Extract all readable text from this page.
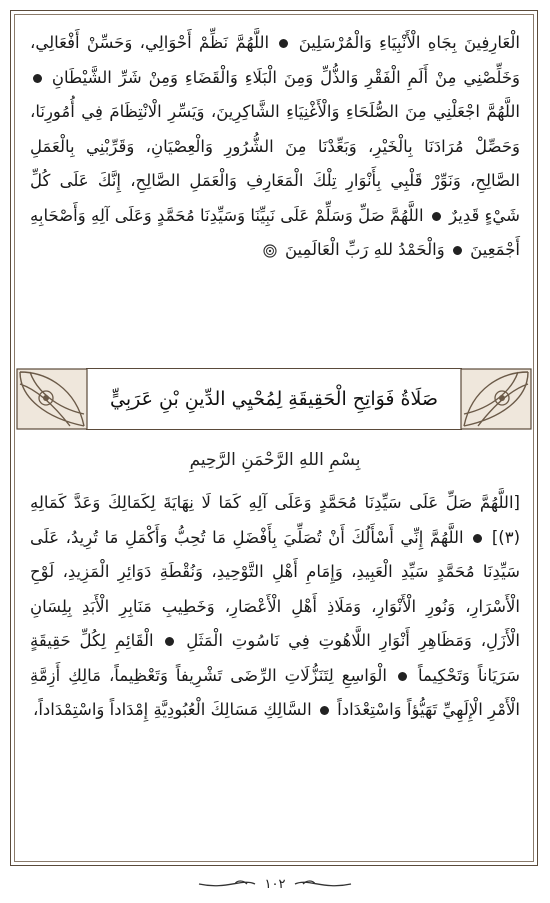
الْعَارِفِينَ بِجَاهِ الْأَنْبِيَاءِ وَالْمُرْسَلِينَ  اللَّهُمَّ نَظِّمْ أَحْوَالِي، وَحَسِّنْ أَفْعَالِي، وَخَلِّصْنِي مِنْ أَلَمِ الْفَقْرِ وَالذُّلِّ وَمِنَ الْبَلَاءِ وَالْقَضَاءِ وَمِنْ شَرِّ الشَّيْطَانِ  اللَّهُمَّ اجْعَلْنِي مِنَ الصُّلَحَاءِ وَالْأَغْنِيَاءِ الشَّاكِرِينَ، وَيَسِّرِ الْانْتِظَامَ فِي أُمُورِنَا، وَحَصِّلْ مُرَادَنَا بِالْخَيْرِ، وَبَعِّدْنَا مِنَ الشُّرُورِ وَالْعِصْيَانِ، وَقَرِّبْنِي بِالْعَمَلِ الصَّالِحِ، وَنَوِّرْ قَلْبِي بِأَنْوَارِ تِلْكَ الْمَعَارِفِ وَالْعَمَلِ الصَّالِحِ، إِنَّكَ عَلَى كُلِّ شَيْءٍ قَدِيرٌ  اللَّهُمَّ صَلِّ وَسَلِّمْ عَلَى نَبِيِّنَا وَسَيِّدِنَا مُحَمَّدٍ وَعَلَى آلِهِ وَأَصْحَابِهِ أَجْمَعِينَ  وَالْحَمْدُ للهِ رَبِّ الْعَالَمِينَ

صَلَاةُ فَوَاتِحِ الْحَقِيقَةِ لِمُحْيِي الدِّينِ بْنِ عَرَبِيٍّ
بِسْمِ اللهِ الرَّحْمَنِ الرَّحِيمِ

[اللَّهُمَّ صَلِّ عَلَى سَيِّدِنَا مُحَمَّدٍ وَعَلَى آلِهِ كَمَا لَا نِهَايَةَ لِكَمَالِكَ وَعَدَّ كَمَالِهِ (٣)]  اللَّهُمَّ إِنِّي أَسْأَلُكَ أَنْ تُصَلِّيَ بِأَفْضَلِ مَا تُحِبُّ وَأَكْمَلِ مَا تُرِيدُ، عَلَى سَيِّدِنَا مُحَمَّدٍ سَيِّدِ الْعَبِيدِ، وَإِمَامِ أَهْلِ التَّوْحِيدِ، وَنُقْطَةِ دَوَائِرِ الْمَزِيدِ، لَوْحِ الْأَسْرَارِ، وَنُورِ الْأَنْوَارِ، وَمَلَاذِ أَهْلِ الْأَعْصَارِ، وَخَطِيبِ مَنَابِرِ الْأَبَدِ بِلِسَانِ الْأَزَلِ، وَمَظَاهِرِ أَنْوَارِ اللَّاهُوتِ فِي نَاسُوتِ الْمَثَلِ  الْقَائِمِ لِكُلِّ حَقِيقَةٍ سَرَيَاناً وَتَحْكِيماً  الْوَاسِعِ لِتَنَزُّلَاتِ الرِّضَى تَشْرِيفاً وَتَعْظِيماً، مَالِكِ أَزِمَّةِ الْأَمْرِ الْإِلَهِيِّ تَهَيُّؤاً وَاسْتِعْدَاداً  السَّالِكِ مَسَالِكَ الْعُبُودِيَّةِ إِمْدَاداً وَاسْتِمْدَاداً،

١٠٢
